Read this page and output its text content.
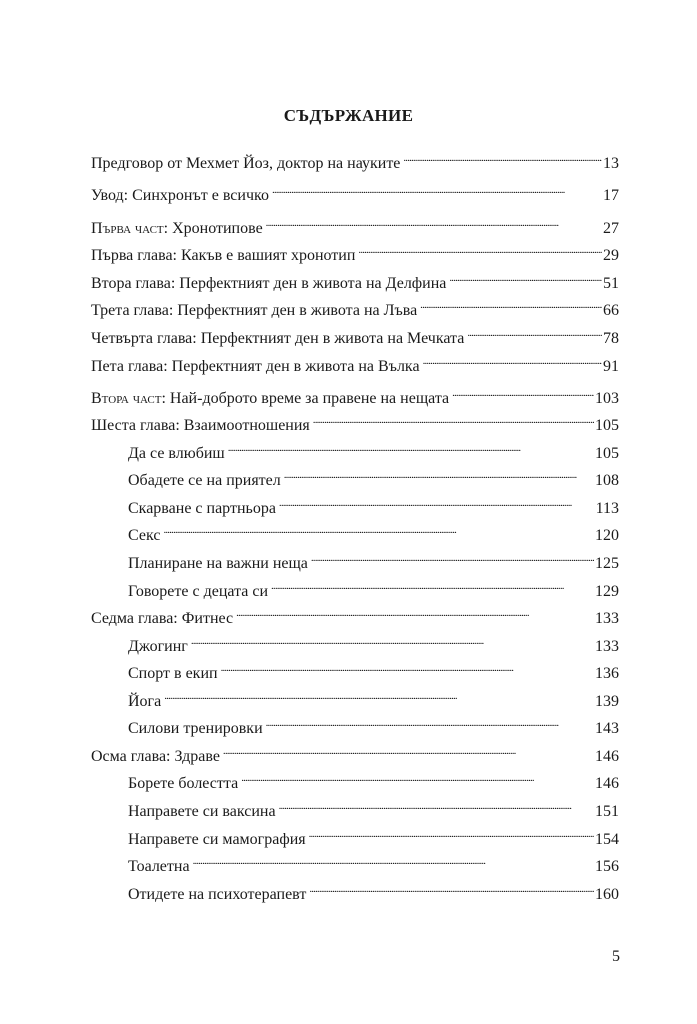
СЪДЪРЖАНИЕ
Предговор от Мехмет Йоз, доктор на науките . . .	13
Увод: Синхронът е всичко . . .	17
Първа част: Хронотипове . . .	27
Първа глава: Какъв е вашият хронотип . . .	29
Втора глава: Перфектният ден в живота на Делфина . . .	51
Трета глава: Перфектният ден в живота на Лъва . . .	66
Четвърта глава: Перфектният ден в живота на Мечката . . .	78
Пета глава: Перфектният ден в живота на Вълка . . .	91
Втора част: Най-доброто време за правене на нещата . . .	103
Шеста глава: Взаимоотношения . . .	105
Да се влюбиш . . .	105
Обадете се на приятел . . .	108
Скарване с партньора . . .	113
Секс . . .	120
Планиране на важни неща . . .	125
Говорете с децата си . . .	129
Седма глава: Фитнес . . .	133
Джогинг . . .	133
Спорт в екип . . .	136
Йога . . .	139
Силови тренировки . . .	143
Осма глава: Здраве . . .	146
Борете болестта . . .	146
Направете си ваксина . . .	151
Направете си мамография . . .	154
Тоалетна . . .	156
Отидете на психотерапевт . . .	160
5
